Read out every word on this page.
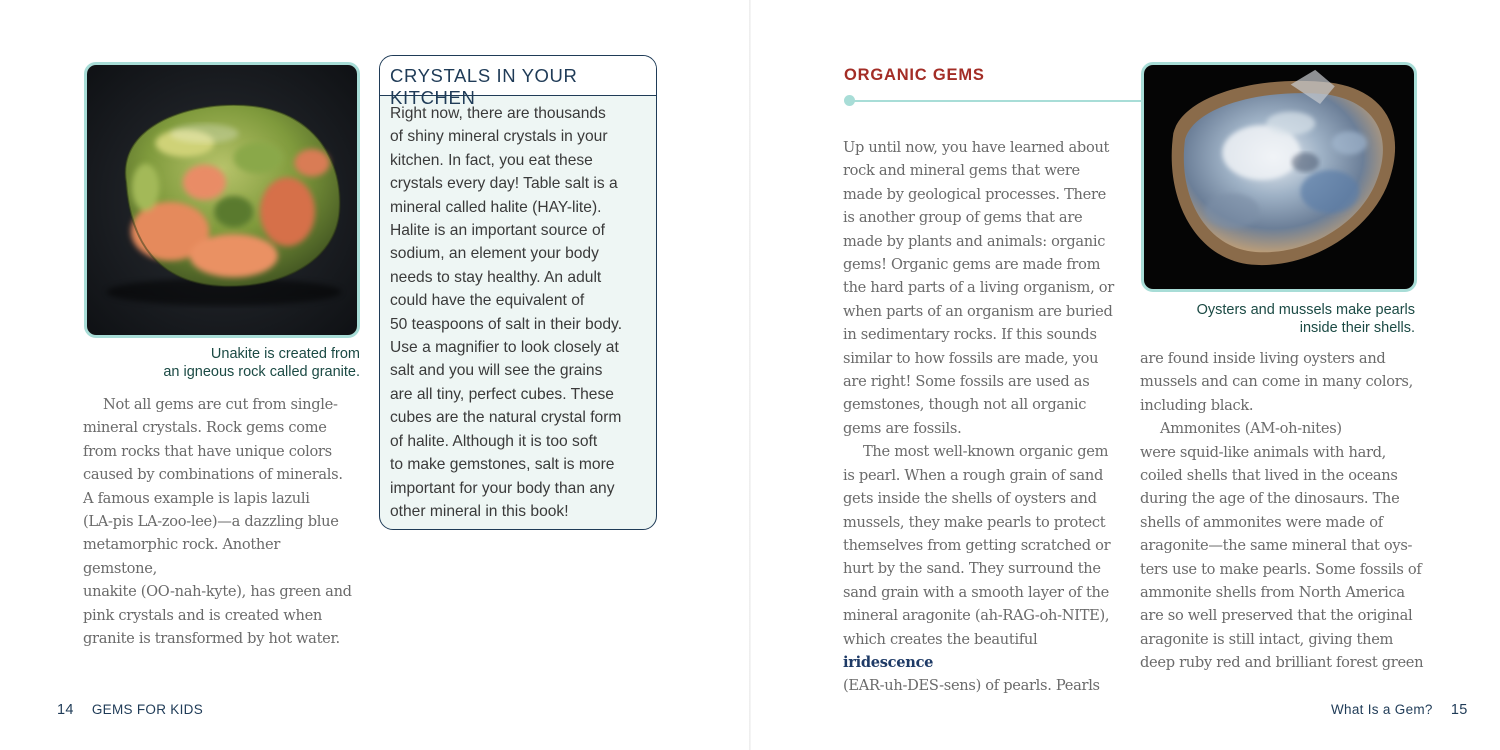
Unakite is created from
an igneous rock called granite.

Not all gems are cut from single-

mineral crystals. Rock gems come

from rocks that have unique colors

caused by combinations of minerals.

A famous example is lapis lazuli

(LA-pis LA-zoo-lee)—a dazzling blue

metamorphic rock. Another gemstone,

unakite (OO-nah-kyte), has green and

pink crystals and is created when

granite is transformed by hot water.

CRYSTALS IN YOUR KITCHEN
Right now, there are thousands
of shiny mineral crystals in your
kitchen. In fact, you eat these
crystals every day! Table salt is a
mineral called halite (HAY-lite).
Halite is an important source of
sodium, an element your body
needs to stay healthy. An adult
could have the equivalent of
50 teaspoons of salt in their body.
Use a magnifier to look closely at
salt and you will see the grains
are all tiny, perfect cubes. These
cubes are the natural crystal form
of halite. Although it is too soft
to make gemstones, salt is more
important for your body than any
other mineral in this book!
14 GEMS FOR KIDS
ORGANIC GEMS
Oysters and mussels make pearls
inside their shells.

Up until now, you have learned about

rock and mineral gems that were

made by geological processes. There

is another group of gems that are

made by plants and animals: organic

gems! Organic gems are made from

the hard parts of a living organism, or

when parts of an organism are buried

in sedimentary rocks. If this sounds

similar to how fossils are made, you

are right! Some fossils are used as

gemstones, though not all organic

gems are fossils.

The most well-known organic gem

is pearl. When a rough grain of sand

gets inside the shells of oysters and

mussels, they make pearls to protect

themselves from getting scratched or

hurt by the sand. They surround the

sand grain with a smooth layer of the

mineral aragonite (ah-RAG-oh-NITE),

which creates the beautiful iridescence

(EAR-uh-DES-sens) of pearls. Pearls

are found inside living oysters and

mussels and can come in many colors,

including black.

Ammonites (AM-oh-nites)

were squid-like animals with hard,

coiled shells that lived in the oceans

during the age of the dinosaurs. The

shells of ammonites were made of

aragonite—the same mineral that oys-

ters use to make pearls. Some fossils of

ammonite shells from North America

are so well preserved that the original

aragonite is still intact, giving them

deep ruby red and brilliant forest green

What Is a Gem? 15
